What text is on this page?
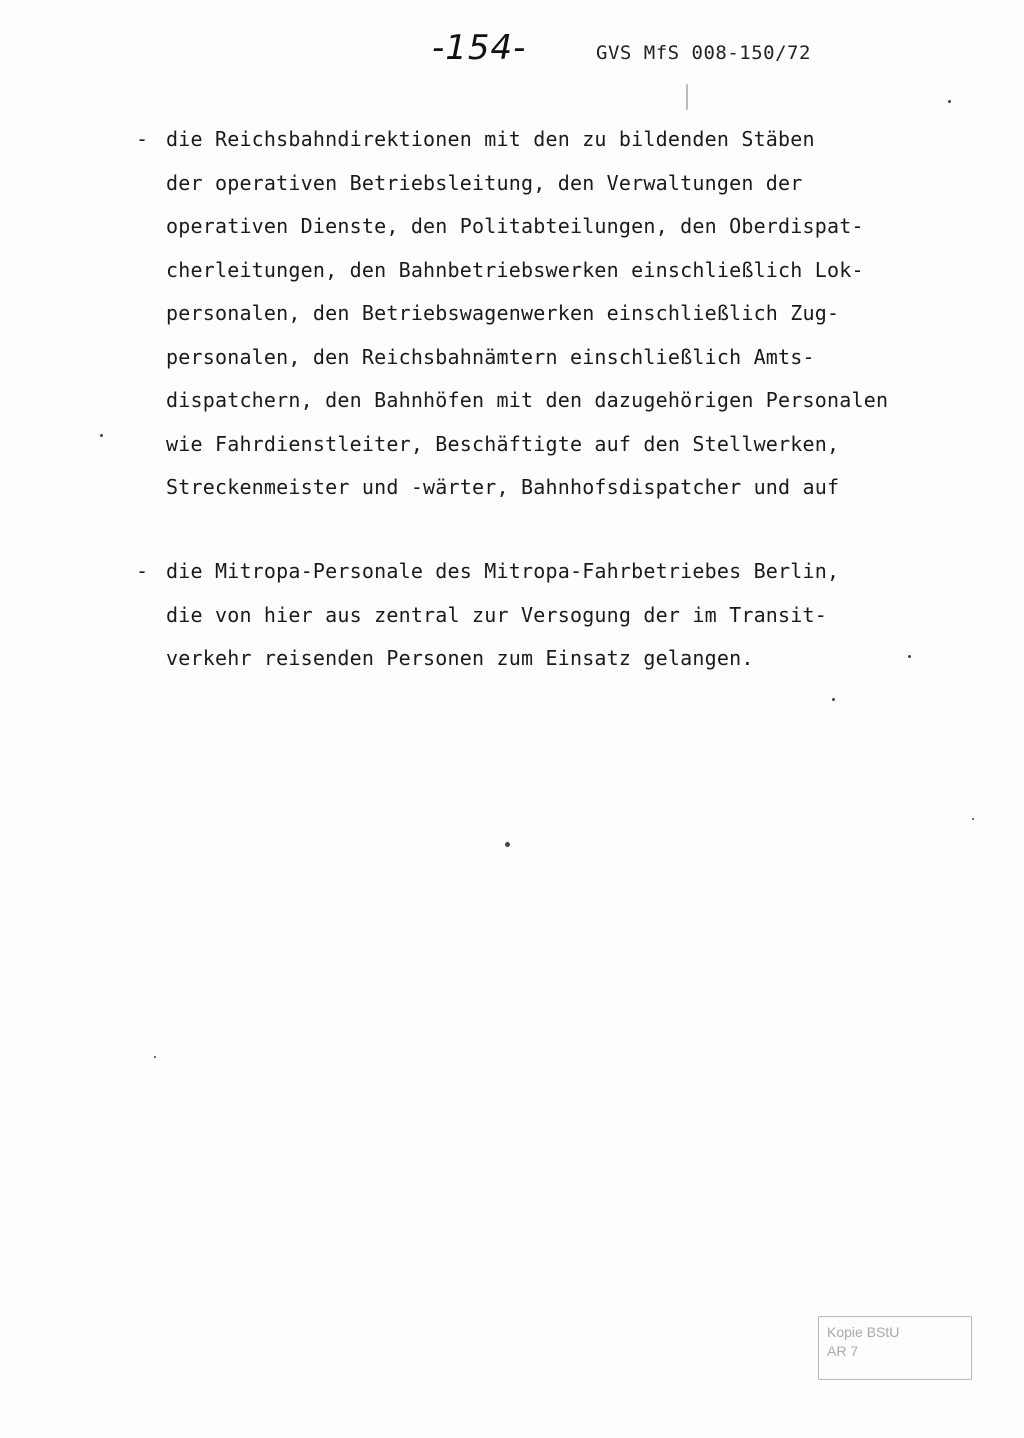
-154-	GVS MfS 008-150/72
- die Reichsbahndirektionen mit den zu bildenden Stäben
der operativen Betriebsleitung, den Verwaltungen der
operativen Dienste, den Politabteilungen, den Oberdispat-
cherleitungen, den Bahnbetriebswerken einschließlich Lok-
personalen, den Betriebswagenwerken einschließlich Zug-
personalen, den Reichsbahnämtern einschließlich Amts-
dispatchern, den Bahnhöfen mit den dazugehörigen Personalen
wie Fahrdienstleiter, Beschäftigte auf den Stellwerken,
Streckenmeister und -wärter, Bahnhofsdispatcher und auf
- die Mitropa-Personale des Mitropa-Fahrbetriebes Berlin,
die von hier aus zentral zur Versogung der im Transit-
verkehr reisenden Personen zum Einsatz gelangen.
Kopie BStU
AR 7
